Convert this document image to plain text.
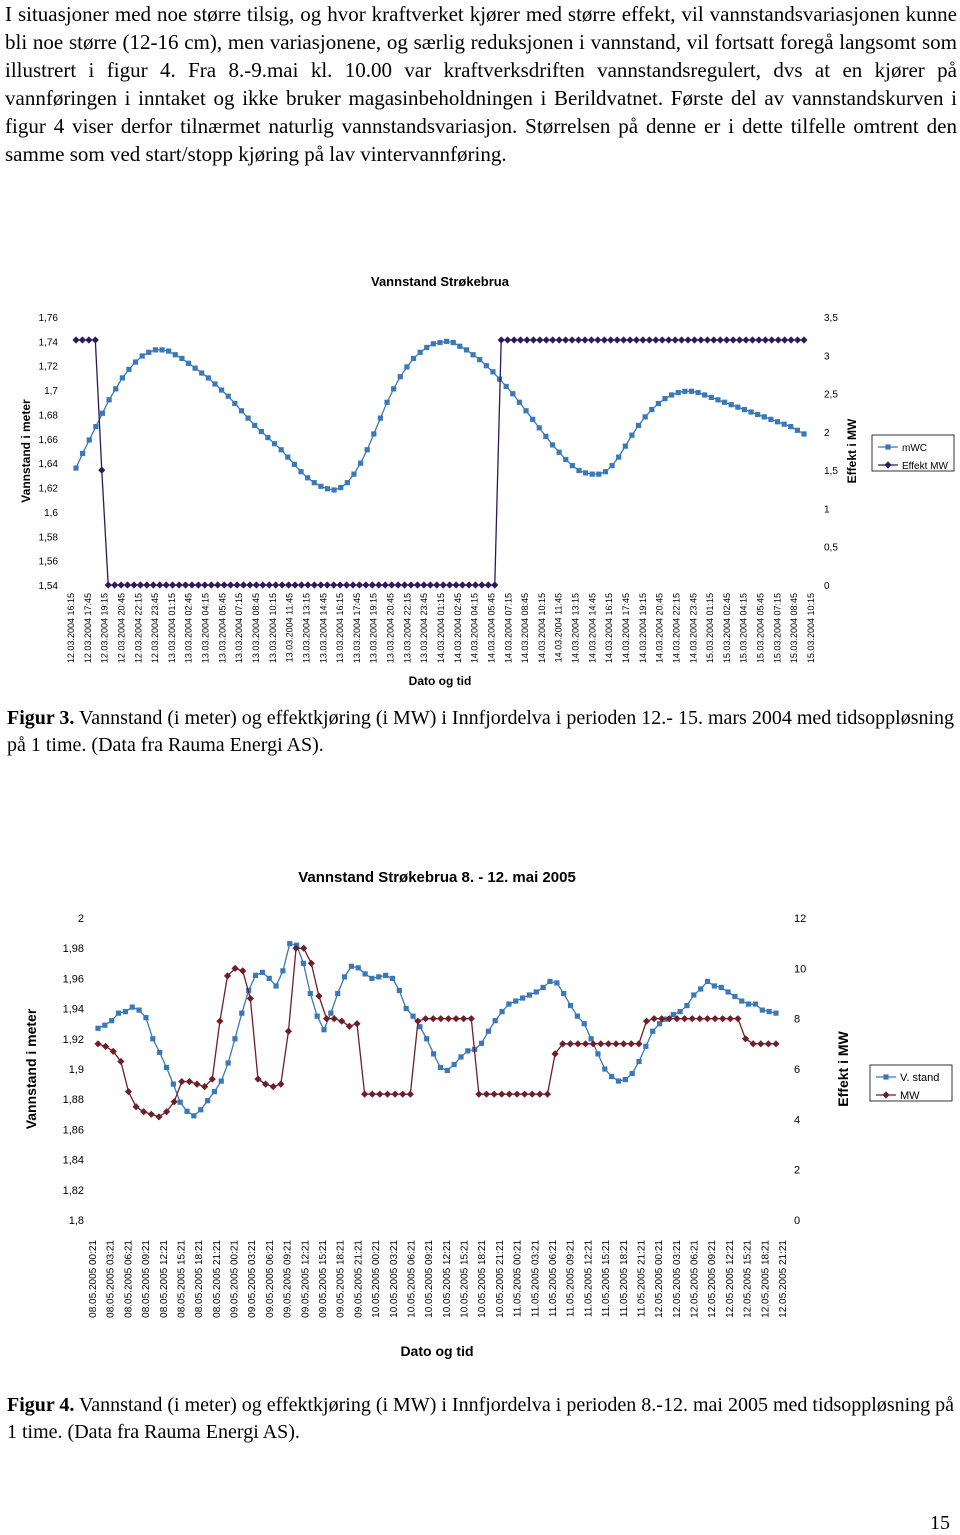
I situasjoner med noe større tilsig, og hvor kraftverket kjører med større effekt, vil vannstandsvariasjonen kunne bli noe større (12-16 cm), men variasjonene, og særlig reduksjonen i vannstand, vil fortsatt foregå langsomt som illustrert i figur 4. Fra 8.-9.mai kl. 10.00 var kraftverksdriften vannstandsregulert, dvs at en kjører på vannføringen i inntaket og ikke bruker magasinbeholdningen i Berildvatnet. Første del av vannstandskurven i figur 4 viser derfor tilnærmet naturlig vannstandsvariasjon. Størrelsen på denne er i dette tilfelle omtrent den samme som ved start/stopp kjøring på lav vintervannføring.
Vannstand Strøkebrua
1,54
1,56
1,58
1,6
1,62
1,64
1,66
1,68
1,7
1,72
1,74
1,76
0
0,5
1
1,5
2
2,5
3
3,5
Vannstand i meter	Effekt i MW
12.03.2004 16:15 12.03.2004 17:45 12.03.2004 19:15 12.03.2004 20:45 12.03.2004 22:15 12.03.2004 23:45 13.03.2004 01:15 13.03.2004 02:45 13.03.2004 04:15 13.03.2004 05:45 13.03.2004 07:15 13.03.2004 08:45 13.03.2004 10:15 13.03.2004 11:45 13.03.2004 13:15 13.03.2004 14:45 13.03.2004 16:15 13.03.2004 17:45 13.03.2004 19:15 13.03.2004 20:45 13.03.2004 22:15 13.03.2004 23:45 14.03.2004 01:15 14.03.2004 02:45 14.03.2004 04:15 14.03.2004 05:45 14.03.2004 07:15 14.03.2004 08:45 14.03.2004 10:15 14.03.2004 11:45 14.03.2004 13:15 14.03.2004 14:45 14.03.2004 16:15 14.03.2004 17:45 14.03.2004 19:15 14.03.2004 20:45 14.03.2004 22:15 14.03.2004 23:45 15.03.2004 01:15 15.03.2004 02:45 15.03.2004 04:15 15.03.2004 05:45 15.03.2004 07:15 15.03.2004 08:45 15.03.2004 10:15
Dato og tid
mWC
Effekt MW
Figur 3. Vannstand (i meter) og effektkjøring (i MW) i Innfjordelva i perioden 12.- 15. mars 2004 med tidsoppløsning på 1 time. (Data fra Rauma Energi AS).
Vannstand Strøkebrua 8. - 12. mai 2005
1,8
1,82
1,84
1,86
1,88
1,9
1,92
1,94
1,96
1,98
2
0
2
4
6
8
10
12
Vannstand i meter	Effekt i MW
08.05.2005 00:21 08.05.2005 03:21 08.05.2005 06:21 08.05.2005 09:21 08.05.2005 12:21 08.05.2005 15:21 08.05.2005 18:21 08.05.2005 21:21 09.05.2005 00:21 09.05.2005 03:21 09.05.2005 06:21 09.05.2005 09:21 09.05.2005 12:21 09.05.2005 15:21 09.05.2005 18:21 09.05.2005 21:21 10.05.2005 00:21 10.05.2005 03:21 10.05.2005 06:21 10.05.2005 09:21 10.05.2005 12:21 10.05.2005 15:21 10.05.2005 18:21 10.05.2005 21:21 11.05.2005 00:21 11.05.2005 03:21 11.05.2005 06:21 11.05.2005 09:21 11.05.2005 12:21 11.05.2005 15:21 11.05.2005 18:21 11.05.2005 21:21 12.05.2005 00:21 12.05.2005 03:21 12.05.2005 06:21 12.05.2005 09:21 12.05.2005 12:21 12.05.2005 15:21 12.05.2005 18:21 12.05.2005 21:21
Dato og tid
V. stand
MW
Figur 4. Vannstand (i meter) og effektkjøring (i MW) i Innfjordelva i perioden 8.-12. mai 2005 med tidsoppløsning på 1 time. (Data fra Rauma Energi AS).
15
